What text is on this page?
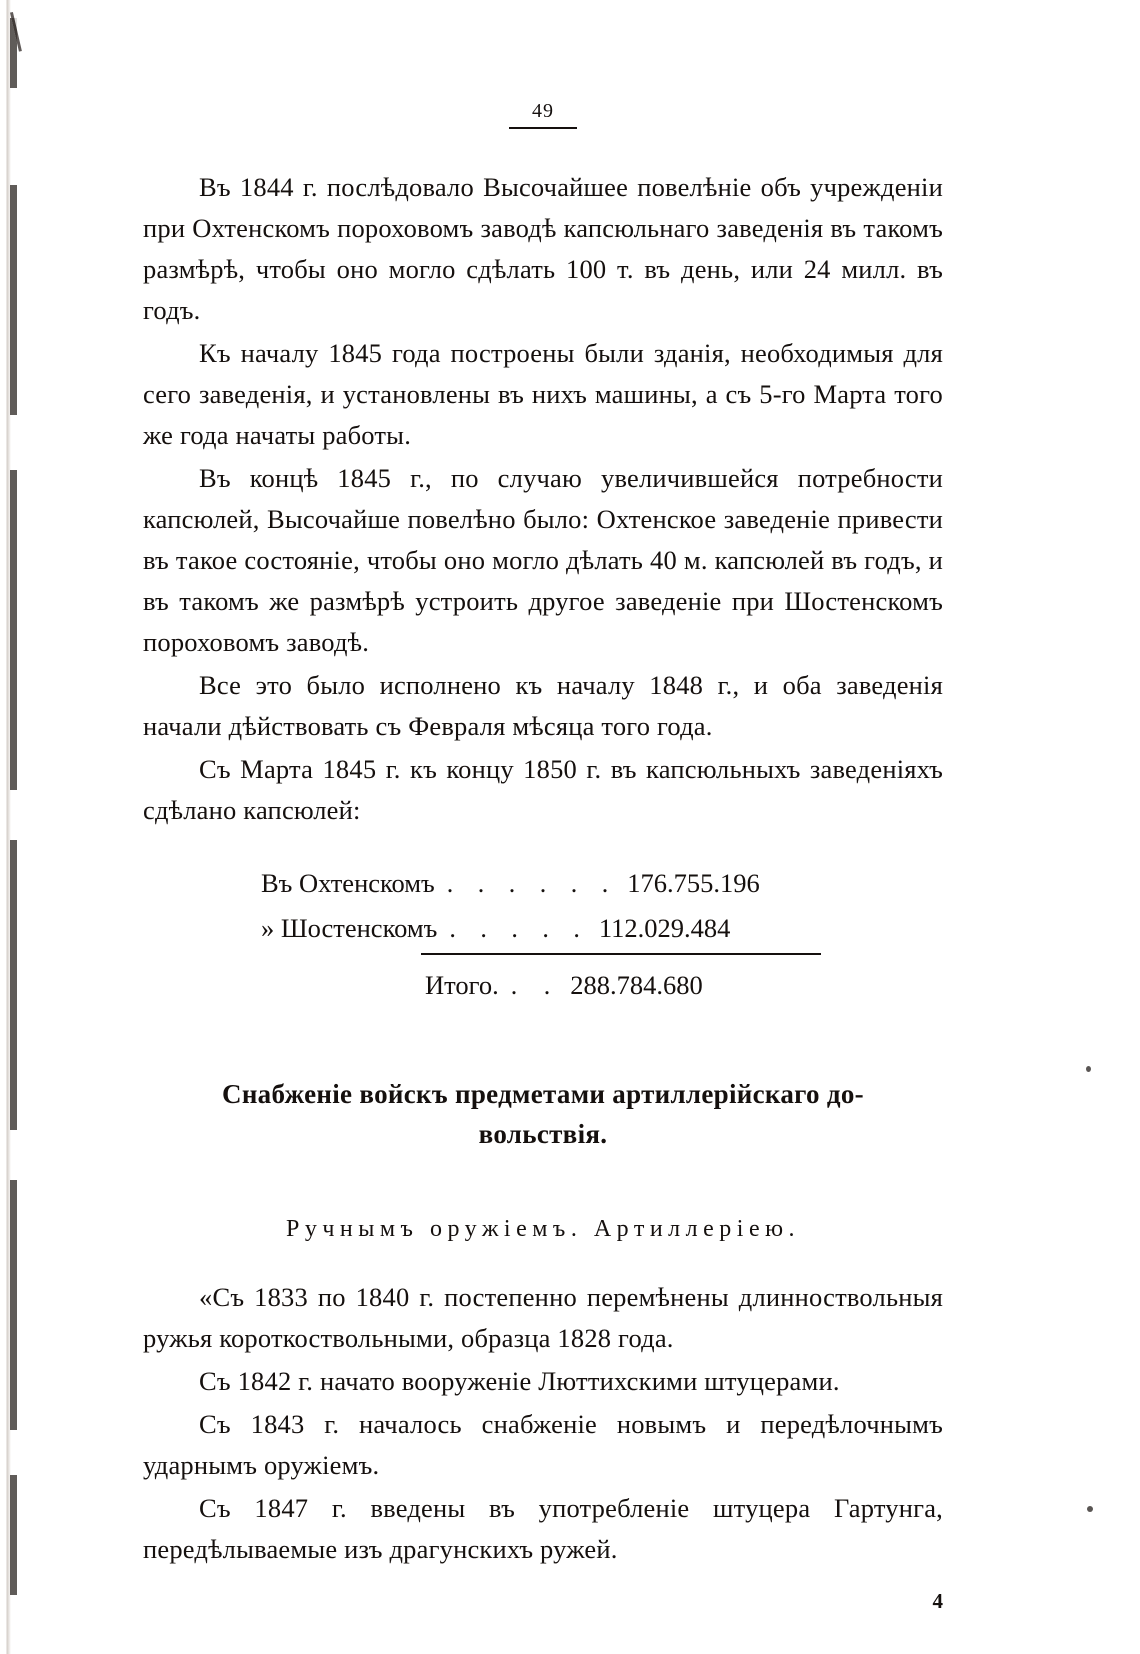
49

Въ 1844 г. послѣдовало Высочайшее повелѣніе объ учрежденіи при Охтенскомъ пороховомъ заводѣ капсюльнаго заведенія въ такомъ размѣрѣ, чтобы оно могло сдѣлать 100 т. въ день, или 24 милл. въ годъ.

Къ началу 1845 года построены были зданія, необходимыя для сего заведенія, и установлены въ нихъ машины, а съ 5-го Марта того же года начаты работы.

Въ концѣ 1845 г., по случаю увеличившейся потребности капсюлей, Высочайше повелѣно было: Охтенское заведеніе привести въ такое состояніе, чтобы оно могло дѣлать 40 м. капсюлей въ годъ, и въ такомъ же размѣрѣ устроить другое заведеніе при Шостенскомъ пороховомъ заводѣ.

Все это было исполнено къ началу 1848 г., и оба заведенія начали дѣйствовать съ Февраля мѣсяца того года.

Съ Марта 1845 г. къ концу 1850 г. въ капсюльныхъ заведеніяхъ сдѣлано капсюлей:

Въ Охтенскомъ . . . . . . 176.755.196
» Шостенскомъ . . . . . 112.029.484
Итого. . . 288.784.680
Снабженіе войскъ предметами артиллерійскаго до-
вольствія.
Ручнымъ оружіемъ. Артиллеріею.

«Съ 1833 по 1840 г. постепенно перемѣнены длинноствольныя ружья короткоствольными, образца 1828 года.

Съ 1842 г. начато вооруженіе Люттихскими штуцерами.

Съ 1843 г. началось снабженіе новымъ и передѣлочнымъ ударнымъ оружіемъ.

Съ 1847 г. введены въ употребленіе штуцера Гартунга, передѣлываемые изъ драгунскихъ ружей.

4
